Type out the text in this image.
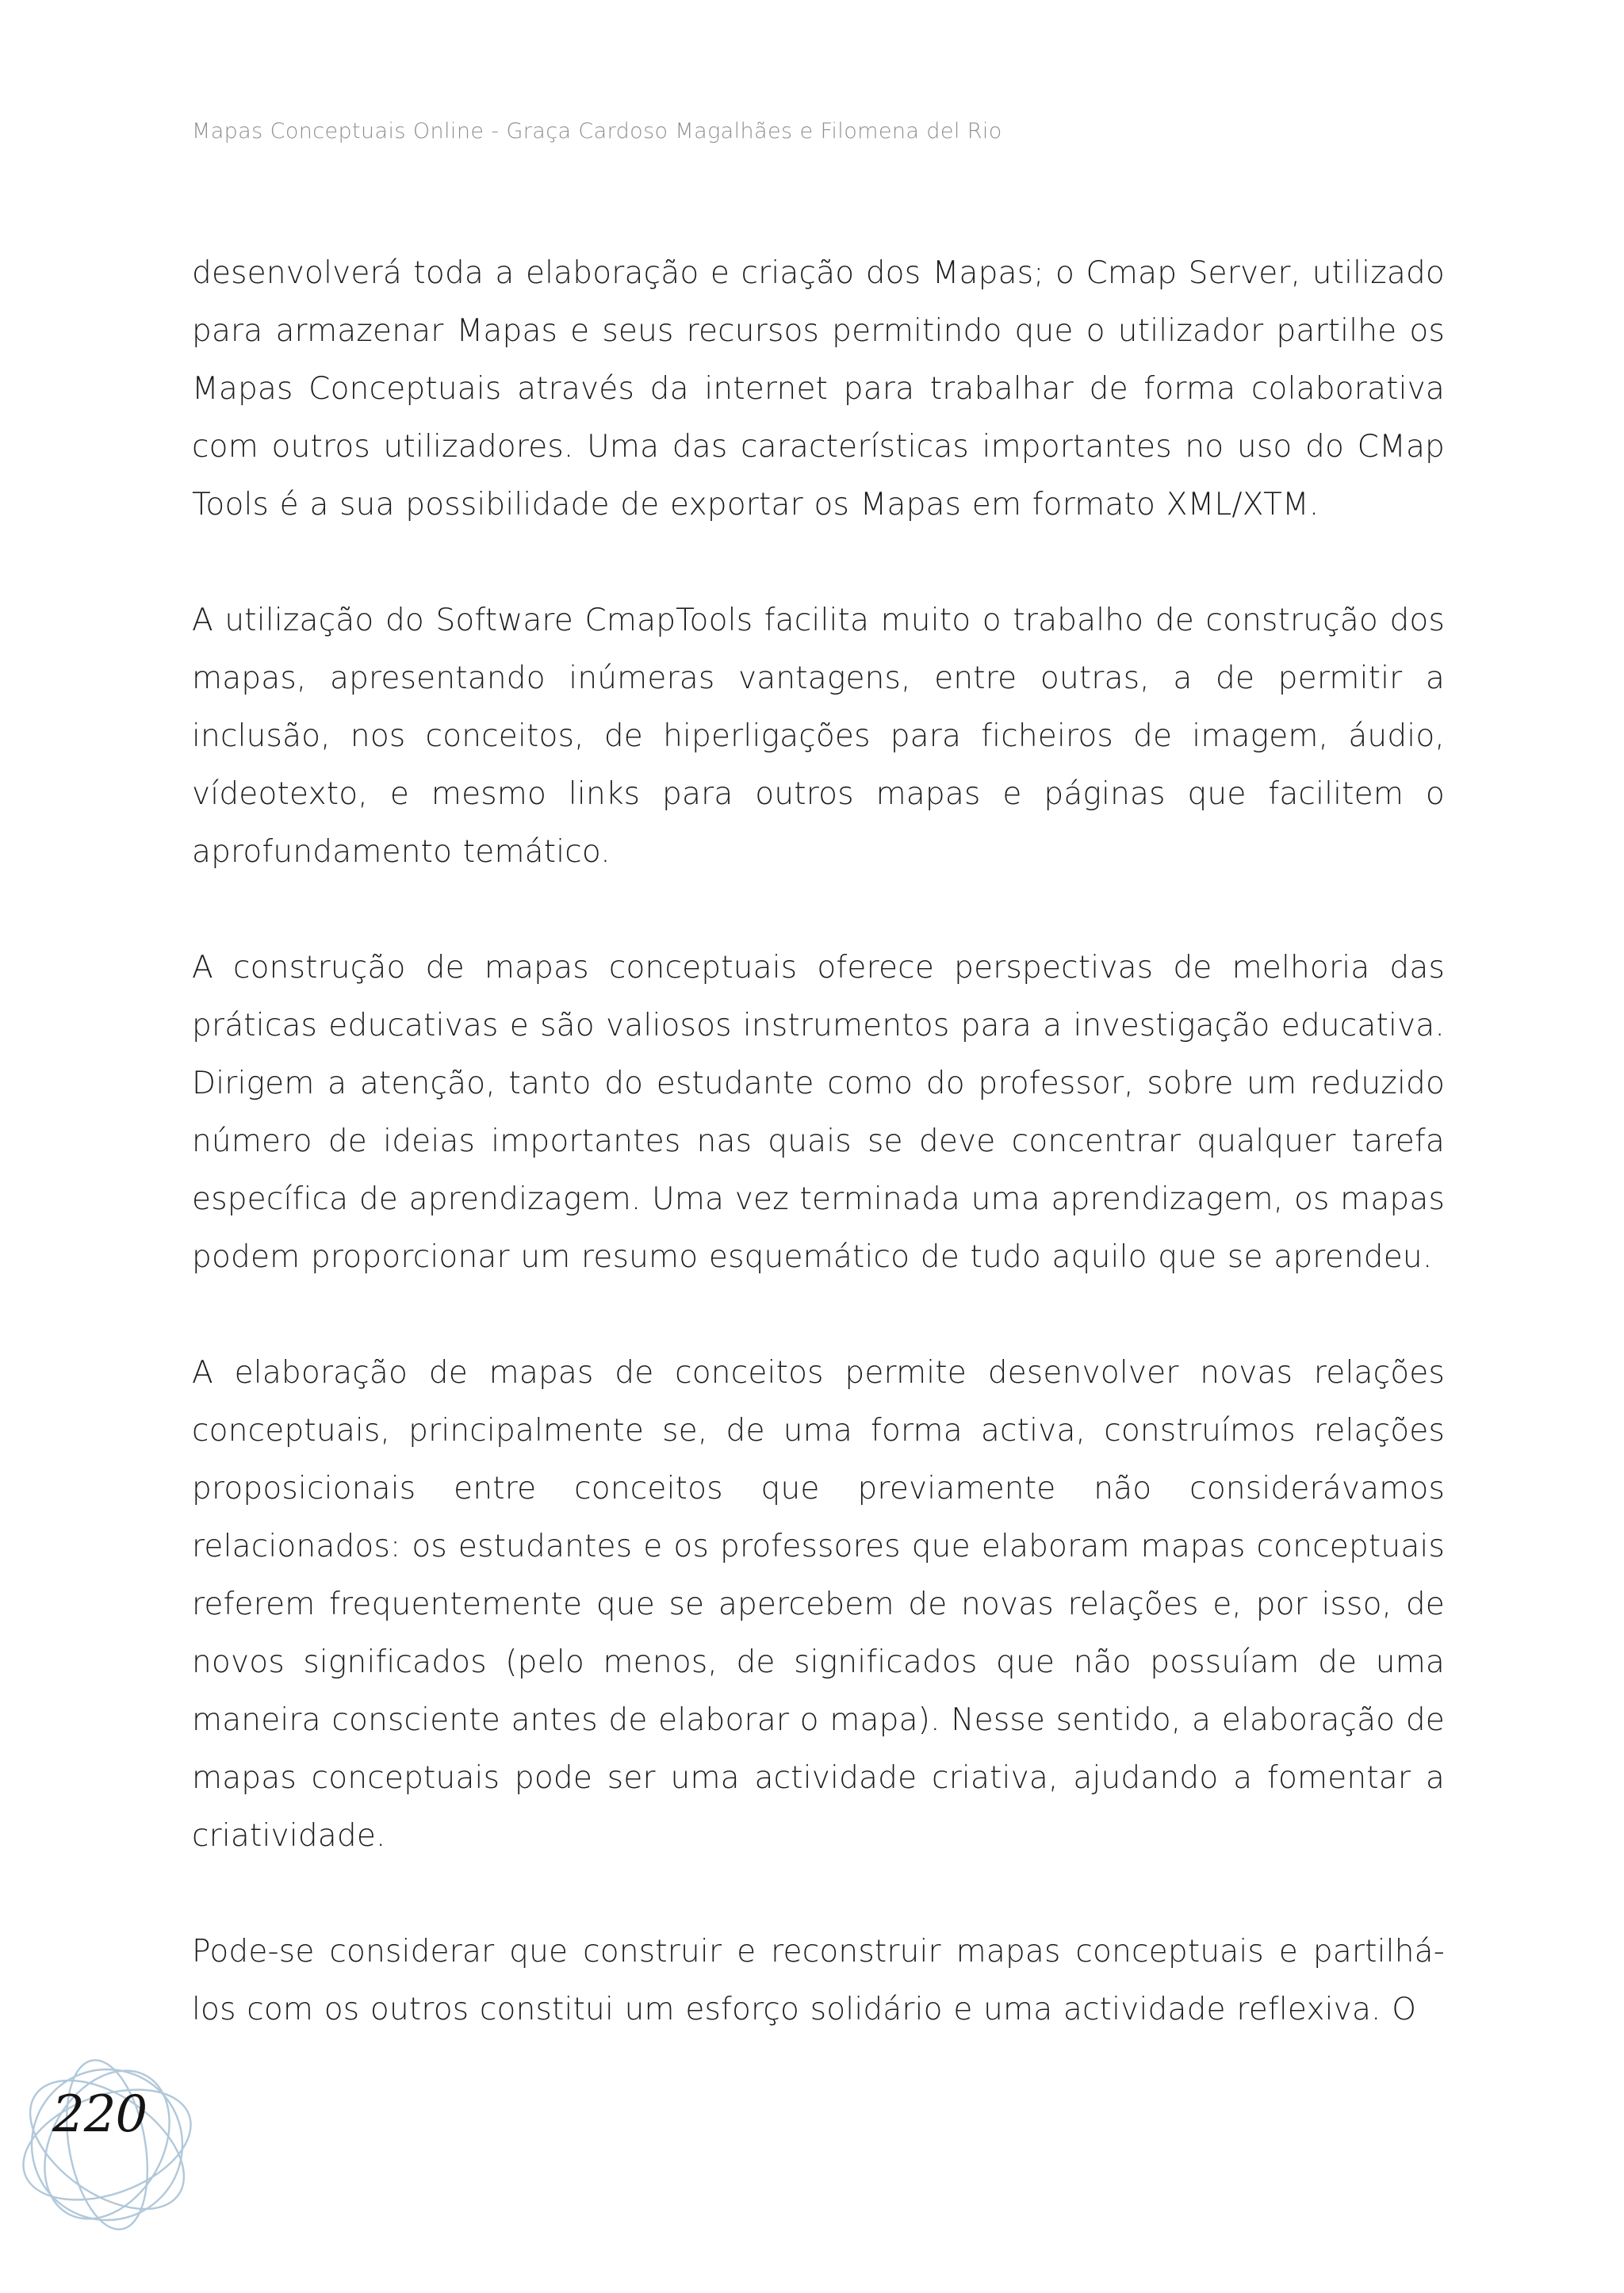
Mapas Conceptuais Online - Graça Cardoso Magalhães e Filomena del Rio

desenvolverá toda a elaboração e criação dos Mapas; o Cmap Server, utilizado para armazenar Mapas e seus recursos permitindo que o utilizador partilhe os Mapas Conceptuais através da internet para trabalhar de forma colaborativa com outros utilizadores. Uma das características importantes no uso do CMap Tools é a sua possibilidade de exportar os Mapas em formato XML/XTM.

A utilização do Software CmapTools facilita muito o trabalho de construção dos mapas, apresentando inúmeras vantagens, entre outras, a de permitir a inclusão, nos conceitos, de hiperligações para ficheiros de imagem, áudio, vídeotexto, e mesmo links para outros mapas e páginas que facilitem o aprofundamento temático.

A construção de mapas conceptuais oferece perspectivas de melhoria das práticas educativas e são valiosos instrumentos para a investigação educativa. Dirigem a atenção, tanto do estudante como do professor, sobre um reduzido número de ideias importantes nas quais se deve concentrar qualquer tarefa específica de aprendizagem. Uma vez terminada uma aprendizagem, os mapas podem proporcionar um resumo esquemático de tudo aquilo que se aprendeu.

A elaboração de mapas de conceitos permite desenvolver novas relações conceptuais, principalmente se, de uma forma activa, construímos relações proposicionais entre conceitos que previamente não considerávamos relacionados: os estudantes e os professores que elaboram mapas conceptuais referem frequentemente que se apercebem de novas relações e, por isso, de novos significados (pelo menos, de significados que não possuíam de uma maneira consciente antes de elaborar o mapa). Nesse sentido, a elaboração de mapas conceptuais pode ser uma actividade criativa, ajudando a fomentar a criatividade.

Pode-se considerar que construir e reconstruir mapas conceptuais e partilhá-los com os outros constitui um esforço solidário e uma actividade reflexiva. O

220
